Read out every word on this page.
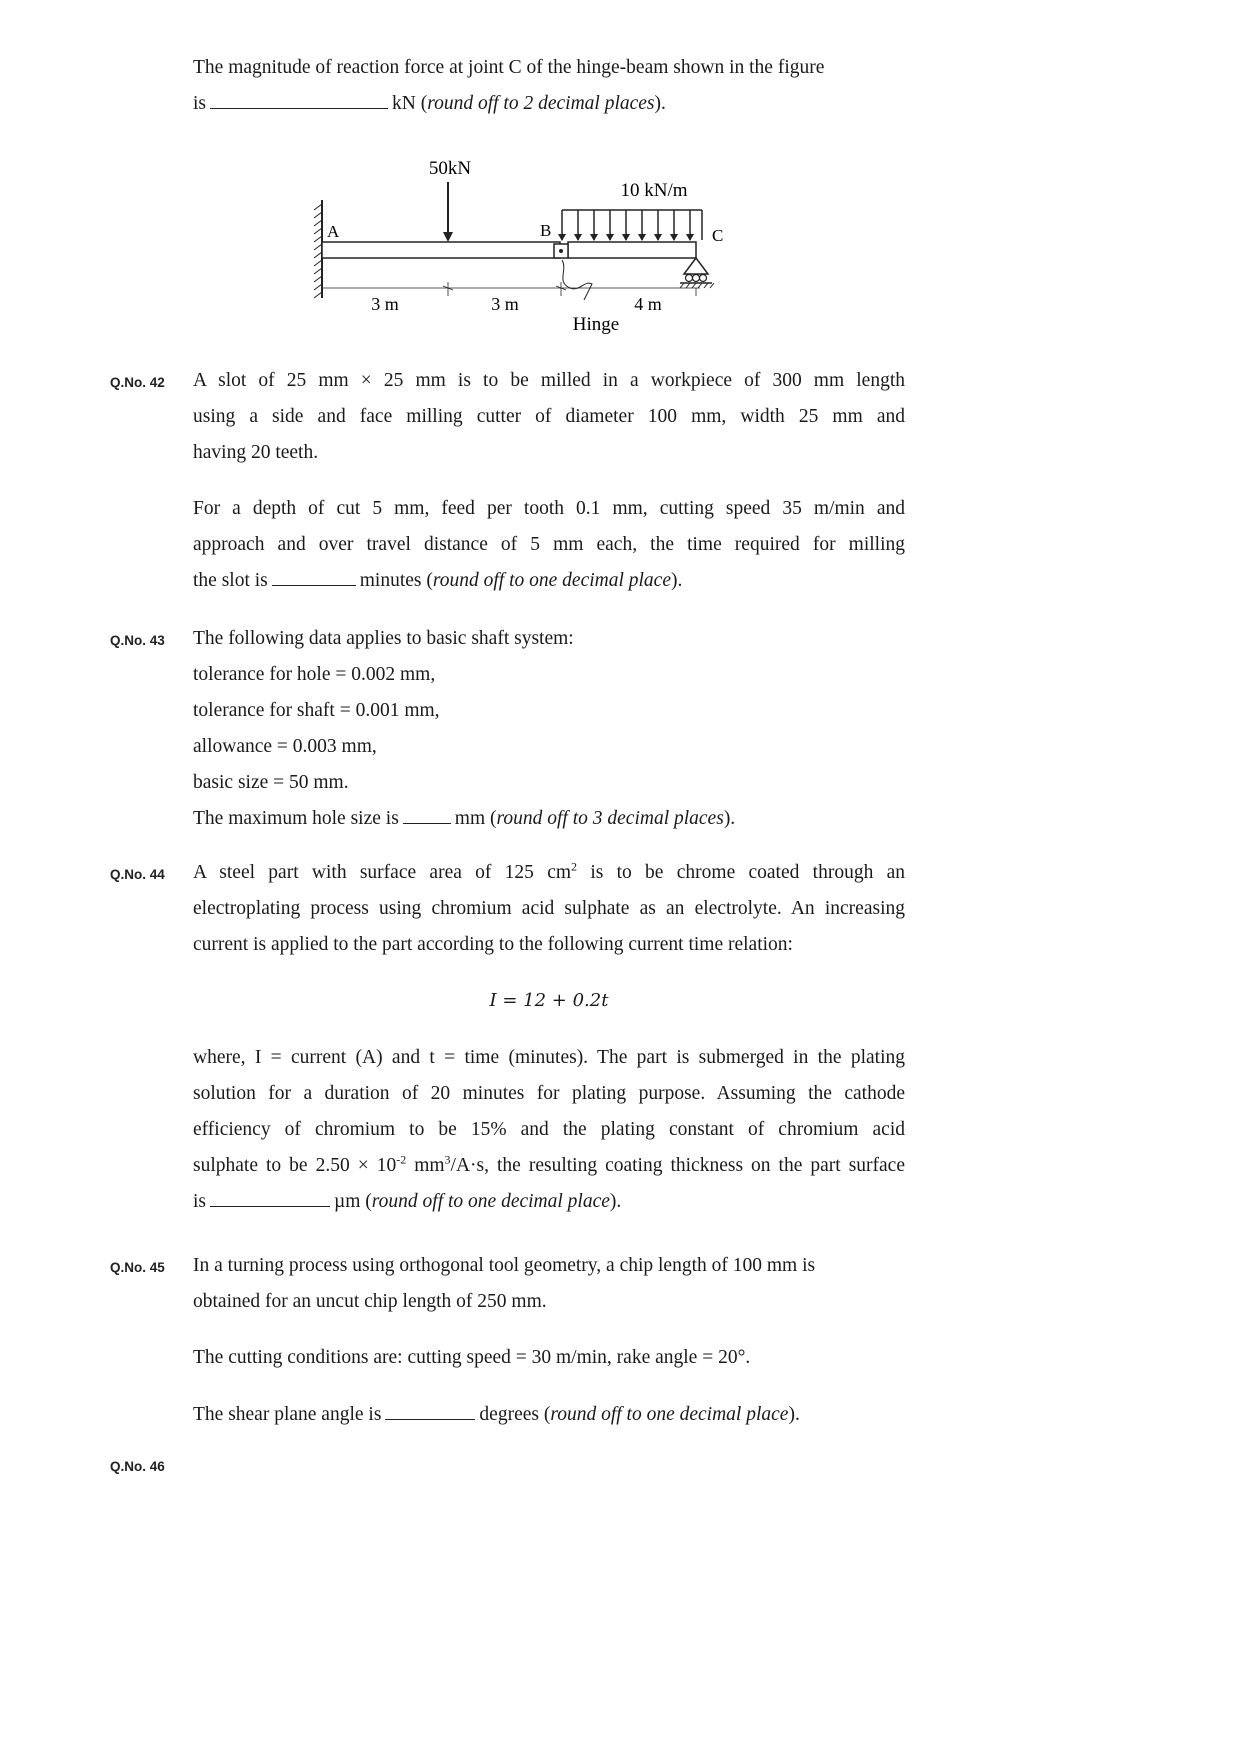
The magnitude of reaction force at joint C of the hinge-beam shown in the figure
is	kN (round off to 2 decimal places).
50kN
10 kN/m
A	B	C
3 m	3 m	4 m
Hinge
Q.No. 42 A slot of 25 mm × 25 mm is to be milled in a workpiece of 300 mm length
using a side and face milling cutter of diameter 100 mm, width 25 mm and
having 20 teeth.
For a depth of cut 5 mm, feed per tooth 0.1 mm, cutting speed 35 m/min and
approach and over travel distance of 5 mm each, the time required for milling
the slot is	minutes (round off to one decimal place).
Q.No. 43 The following data applies to basic shaft system:
tolerance for hole = 0.002 mm,
tolerance for shaft = 0.001 mm,
allowance = 0.003 mm,
basic size = 50 mm.
The maximum hole size is	mm (round off to 3 decimal places).
Q.No. 44 A steel part with surface area of 125 $cm^2$ is to be chrome coated through an
electroplating process using chromium acid sulphate as an electrolyte. An increasing
current is applied to the part according to the following current time relation:
I = 12 + 0.2t
where, I = current (A) and t = time (minutes). The part is submerged in the plating
solution for a duration of 20 minutes for plating purpose. Assuming the cathode
efficiency of chromium to be 15% and the plating constant of chromium acid
sulphate to be $2.50 \times 10^{-2}$ $mm^3/A\cdot s$, the resulting coating thickness on the part surface
is	µm (round off to one decimal place).
Q.No. 45 In a turning process using orthogonal tool geometry, a chip length of 100 mm is
obtained for an uncut chip length of 250 mm.
The cutting conditions are: cutting speed = 30 m/min, rake angle = 20°.
The shear plane angle is	degrees (round off to one decimal place).
Q.No. 46
